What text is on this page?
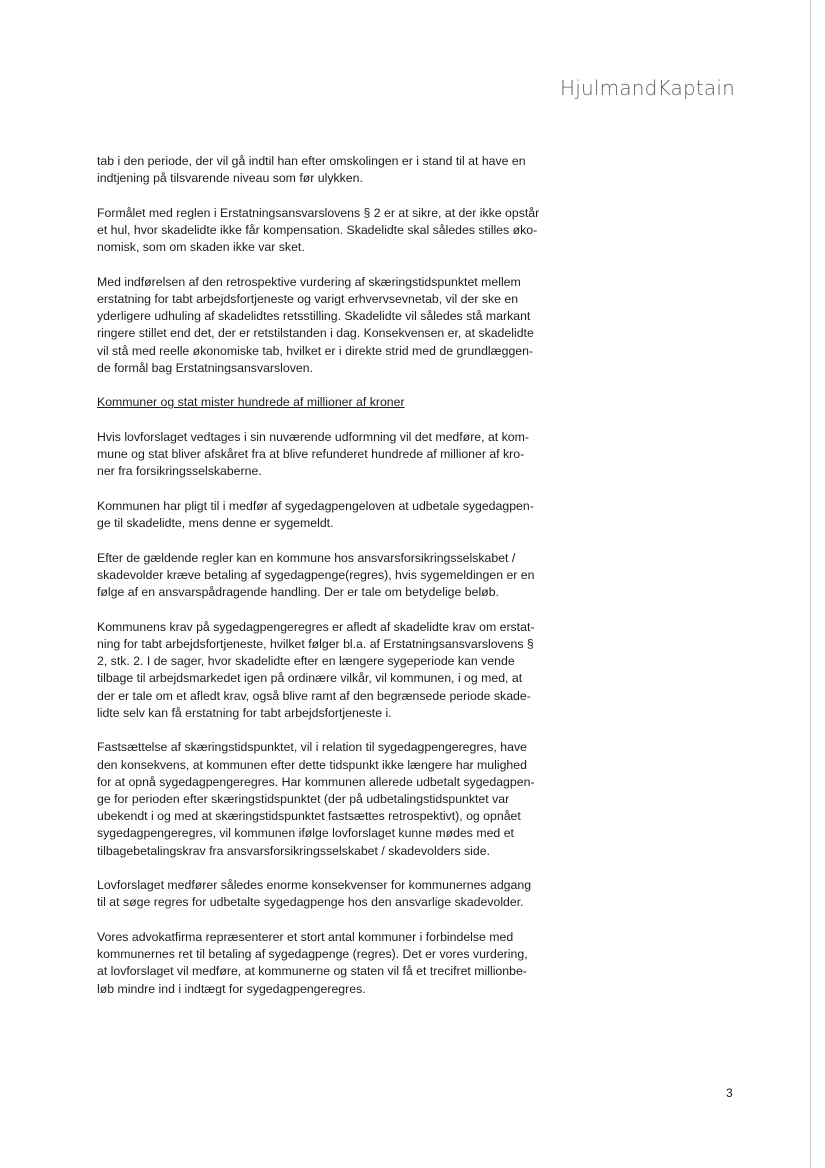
HjulmandKaptain

tab i den periode, der vil gå indtil han efter omskolingen er i stand til at have en
indtjening på tilsvarende niveau som før ulykken.

Formålet med reglen i Erstatningsansvarslovens § 2 er at sikre, at der ikke opstår
et hul, hvor skadelidte ikke får kompensation. Skadelidte skal således stilles øko-
nomisk, som om skaden ikke var sket.

Med indførelsen af den retrospektive vurdering af skæringstidspunktet mellem
erstatning for tabt arbejdsfortjeneste og varigt erhvervsevnetab, vil der ske en
yderligere udhuling af skadelidtes retsstilling. Skadelidte vil således stå markant
ringere stillet end det, der er retstilstanden i dag. Konsekvensen er, at skadelidte
vil stå med reelle økonomiske tab, hvilket er i direkte strid med de grundlæggen-
de formål bag Erstatningsansvarsloven.

Kommuner og stat mister hundrede af millioner af kroner

Hvis lovforslaget vedtages i sin nuværende udformning vil det medføre, at kom-
mune og stat bliver afskåret fra at blive refunderet hundrede af millioner af kro-
ner fra forsikringsselskaberne.

Kommunen har pligt til i medfør af sygedagpengeloven at udbetale sygedagpen-
ge til skadelidte, mens denne er sygemeldt.

Efter de gældende regler kan en kommune hos ansvarsforsikringsselskabet /
skadevolder kræve betaling af sygedagpenge(regres), hvis sygemeldingen er en
følge af en ansvarspådragende handling. Der er tale om betydelige beløb.

Kommunens krav på sygedagpengeregres er afledt af skadelidte krav om erstat-
ning for tabt arbejdsfortjeneste, hvilket følger bl.a. af Erstatningsansvarslovens §
2, stk. 2. I de sager, hvor skadelidte efter en længere sygeperiode kan vende
tilbage til arbejdsmarkedet igen på ordinære vilkår, vil kommunen, i og med, at
der er tale om et afledt krav, også blive ramt af den begrænsede periode skade-
lidte selv kan få erstatning for tabt arbejdsfortjeneste i.

Fastsættelse af skæringstidspunktet, vil i relation til sygedagpengeregres, have
den konsekvens, at kommunen efter dette tidspunkt ikke længere har mulighed
for at opnå sygedagpengeregres. Har kommunen allerede udbetalt sygedagpen-
ge for perioden efter skæringstidspunktet (der på udbetalingstidspunktet var
ubekendt i og med at skæringstidspunktet fastsættes retrospektivt), og opnået
sygedagpengeregres, vil kommunen ifølge lovforslaget kunne mødes med et
tilbagebetalingskrav fra ansvarsforsikringsselskabet / skadevolders side.

Lovforslaget medfører således enorme konsekvenser for kommunernes adgang
til at søge regres for udbetalte sygedagpenge hos den ansvarlige skadevolder.

Vores advokatfirma repræsenterer et stort antal kommuner i forbindelse med
kommunernes ret til betaling af sygedagpenge (regres). Det er vores vurdering,
at lovforslaget vil medføre, at kommunerne og staten vil få et trecifret millionbe-
løb mindre ind i indtægt for sygedagpengeregres.

3
